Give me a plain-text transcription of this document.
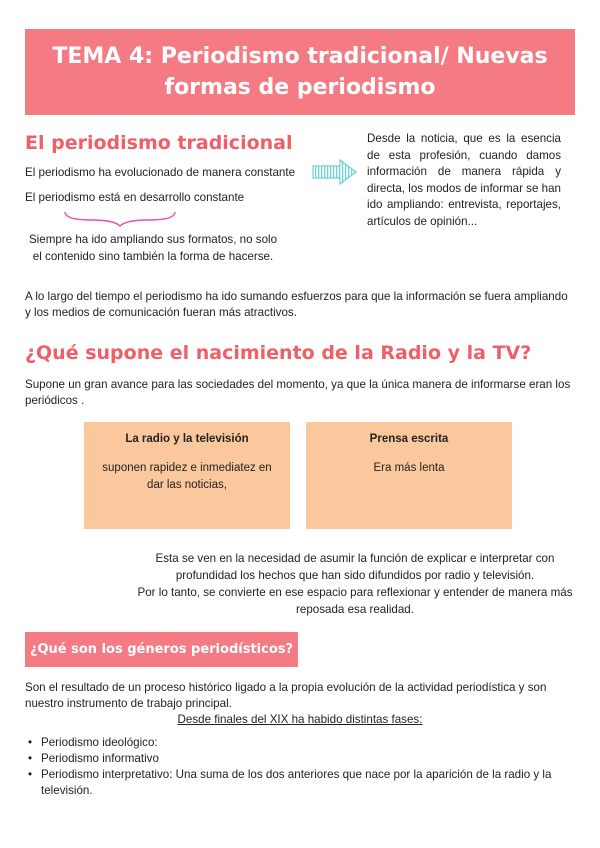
TEMA 4: Periodismo tradicional/ Nuevas formas de periodismo
El periodismo tradicional
El periodismo ha evolucionado de manera constante
El periodismo está en desarrollo constante
Desde la noticia, que es la esencia de esta profesión, cuando damos información de manera rápida y directa, los modos de informar se han ido ampliando: entrevista, reportajes, artículos de opinión...
Siempre ha ido ampliando sus formatos, no solo el contenido sino también la forma de hacerse.
A lo largo del tiempo el periodismo ha ido sumando esfuerzos para que la información se fuera ampliando y los medios de comunicación fueran más atractivos.
¿Qué supone el nacimiento de la Radio y la TV?
Supone un gran avance para las sociedades del momento, ya que la única manera de informarse eran los periódicos .
La radio y la televisión
suponen rapidez e inmediatez en dar las noticias,
Prensa escrita
Era más lenta
Esta se ven en la necesidad de asumir la función de explicar e interpretar con profundidad los hechos que han sido difundidos por radio y televisión.
Por lo tanto, se convierte en ese espacio para reflexionar y entender de manera más reposada esa realidad.
¿Qué son los géneros periodísticos?
Son el resultado de un proceso histórico ligado a la propia evolución de la actividad periodística y son nuestro instrumento de trabajo principal.
Desde finales del XIX ha habido distintas fases:
• Periodismo ideológico:
• Periodismo informativo
• Periodismo interpretativo: Una suma de los dos anteriores que nace por la aparición de la radio y la televisión.
